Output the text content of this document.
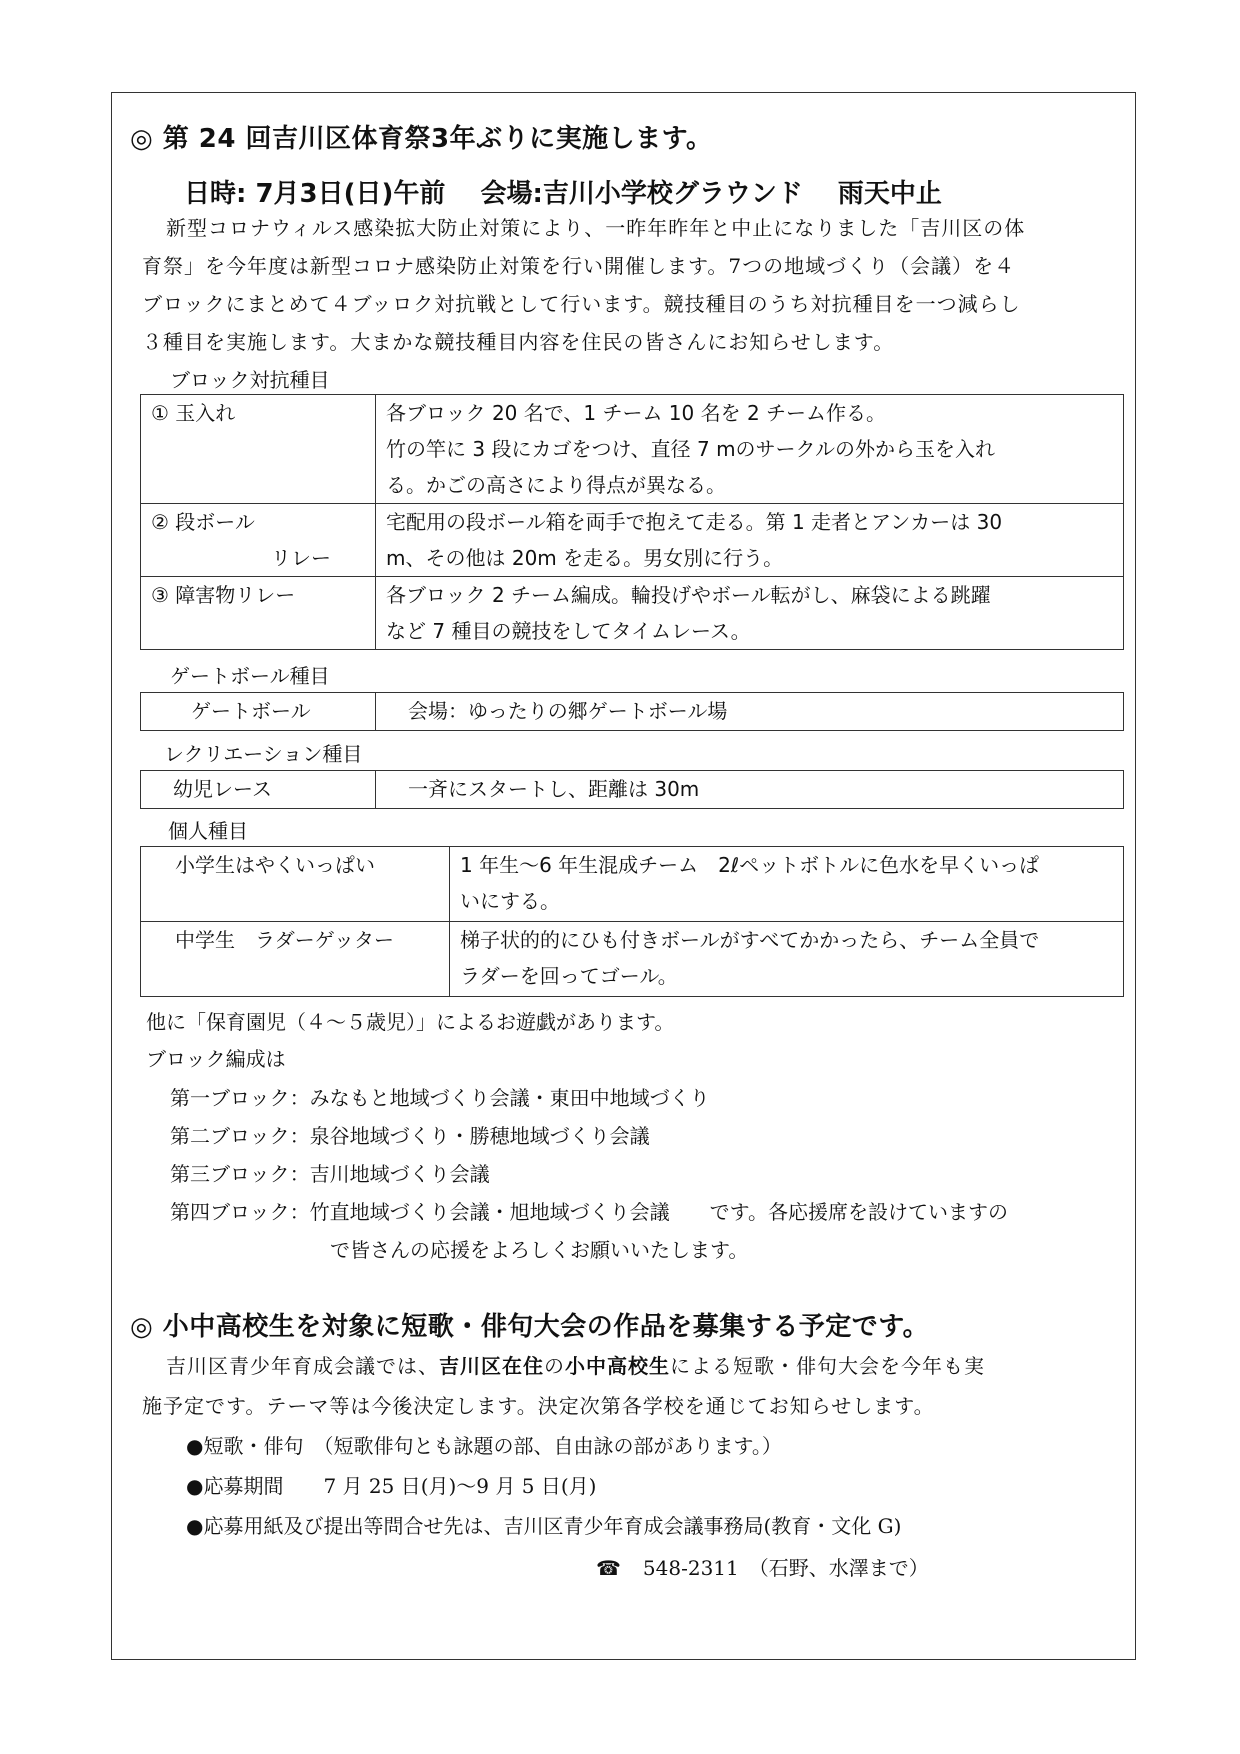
◎ 第 24 回吉川区体育祭3年ぶりに実施します。
日時: 7月3日(日)午前　 会場:吉川小学校グラウンド　 雨天中止
新型コロナウィルス感染拡大防止対策により、一昨年昨年と中止になりました「吉川区の体
育祭」を今年度は新型コロナ感染防止対策を行い開催します。7つの地域づくり（会議）を４
ブロックにまとめて４ブッロク対抗戦として行います。競技種目のうち対抗種目を一つ減らし
３種目を実施します。大まかな競技種目内容を住民の皆さんにお知らせします。
ブロック対抗種目
① 玉入れ	各ブロック 20 名で、1 チーム 10 名を 2 チーム作る。
竹の竿に 3 段にカゴをつけ、直径 7 mのサークルの外から玉を入れ
る。かごの高さにより得点が異なる。

② 段ボール
リレー	宅配用の段ボール箱を両手で抱えて走る。第 1 走者とアンカーは 30
m、その他は 20m を走る。男女別に行う。

③ 障害物リレー	各ブロック 2 チーム編成。輪投げやボール転がし、麻袋による跳躍
など 7 種目の競技をしてタイムレース。
ゲートボール種目
ゲートボール	会場：ゆったりの郷ゲートボール場
レクリエーション種目
幼児レース	一斉にスタートし、距離は 30m
個人種目
小学生はやくいっぱい	1 年生～6 年生混成チーム　2ℓペットボトルに色水を早くいっぱ
いにする。

中学生　ラダーゲッター	梯子状的的にひも付きボールがすべてかかったら、チーム全員で
ラダーを回ってゴール。
他に「保育園児（４～５歳児）」によるお遊戯があります。
ブロック編成は
第一ブロック：みなもと地域づくり会議・東田中地域づくり
第二ブロック：泉谷地域づくり・勝穂地域づくり会議
第三ブロック：吉川地域づくり会議
第四ブロック：竹直地域づくり会議・旭地域づくり会議　　です。各応援席を設けていますの
で皆さんの応援をよろしくお願いいたします。
◎ 小中高校生を対象に短歌・俳句大会の作品を募集する予定です。
吉川区青少年育成会議では、吉川区在住の小中高校生による短歌・俳句大会を今年も実
施予定です。テーマ等は今後決定します。決定次第各学校を通じてお知らせします。
●短歌・俳句　（短歌俳句とも詠題の部、自由詠の部があります。）
●応募期間　　7 月 25 日(月)～9 月 5 日(月)
●応募用紙及び提出等問合せ先は、吉川区青少年育成会議事務局(教育・文化 G)
☎ 548-2311　（石野、水澤まで）
